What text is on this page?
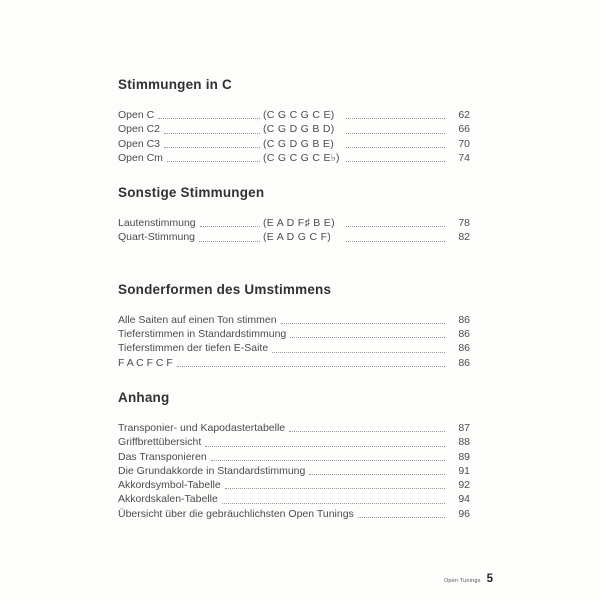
Stimmungen in C
Open C	(C G C G C E)	62
Open C2	(C G D G B D)	66
Open C3	(C G D G B E)	70
Open Cm	(C G C G C E♭)	74
Sonstige Stimmungen
Lautenstimmung	(E A D F♯ B E)	78
Quart-Stimmung	(E A D G C F)	82
Sonderformen des Umstimmens
Alle Saiten auf einen Ton stimmen	86
Tieferstimmen in Standardstimmung	86
Tieferstimmen der tiefen E-Saite	86
F A C F C F	86
Anhang
Transponier- und Kapodastertabelle	87
Griffbrettübersicht	88
Das Transponieren	89
Die Grundakkorde in Standardstimmung	91
Akkordsymbol-Tabelle	92
Akkordskalen-Tabelle	94
Übersicht über die gebräuchlichsten Open Tunings	96
Open Tunings 5
